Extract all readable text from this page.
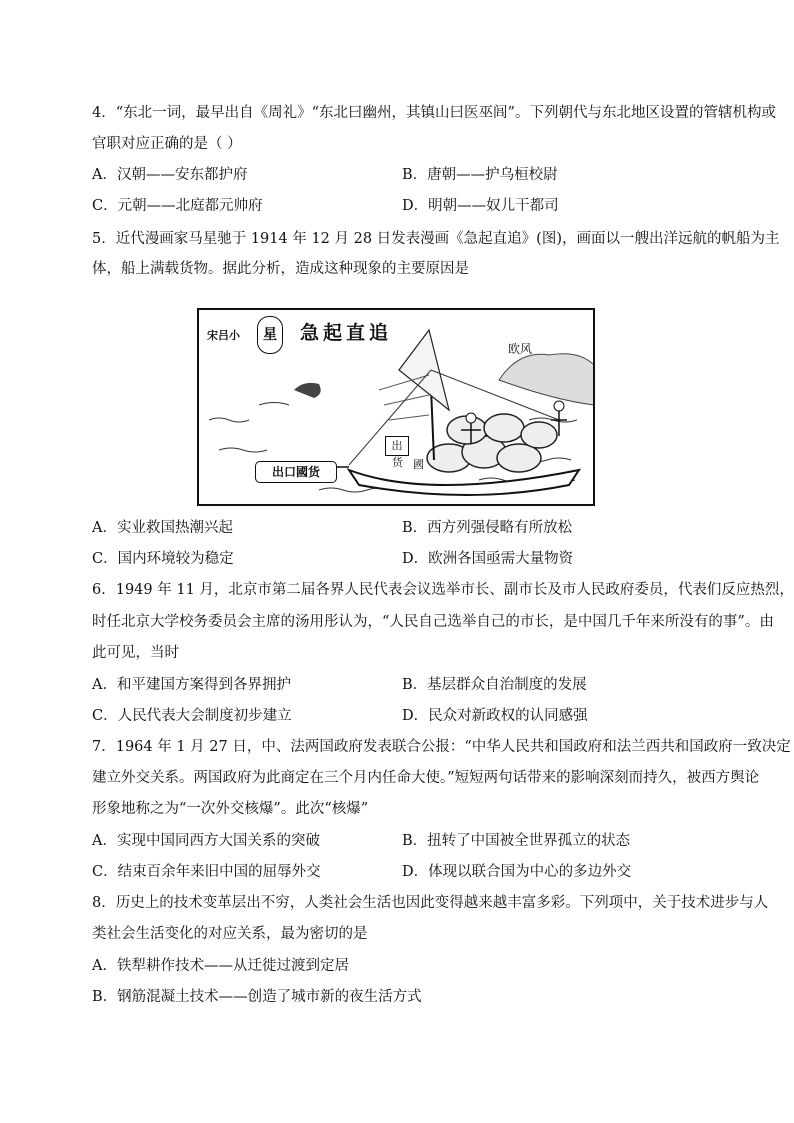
4．“东北一词，最早出自《周礼》“东北曰幽州，其镇山曰医巫闾”。下列朝代与东北地区设置的管辖机构或
官职对应正确的是（ ）
A．汉朝——安东都护府	B．唐朝——护乌桓校尉
C．元朝——北庭都元帅府	D．明朝——奴儿干都司
5．近代漫画家马星驰于 1914 年 12 月 28 日发表漫画《急起直追》(图)，画面以一艘出洋远航的帆船为主
体，船上满载货物。据此分析，造成这种现象的主要原因是
宋吕小	星	急起直追
欧风
出口國货
出
货 國
A．实业救国热潮兴起	B．西方列强侵略有所放松
C．国内环境较为稳定	D．欧洲各国亟需大量物资
6．1949 年 11 月，北京市第二届各界人民代表会议选举市长、副市长及市人民政府委员，代表们反应热烈，
时任北京大学校务委员会主席的汤用彤认为，“人民自己选举自己的市长，是中国几千年来所没有的事”。由
此可见，当时
A．和平建国方案得到各界拥护	B．基层群众自治制度的发展
C．人民代表大会制度初步建立	D．民众对新政权的认同感强
7．1964 年 1 月 27 日，中、法两国政府发表联合公报：“中华人民共和国政府和法兰西共和国政府一致决定
建立外交关系。两国政府为此商定在三个月内任命大使。”短短两句话带来的影响深刻而持久，被西方舆论
形象地称之为“一次外交核爆”。此次“核爆”
A．实现中国同西方大国关系的突破	B．扭转了中国被全世界孤立的状态
C．结束百余年来旧中国的屈辱外交	D．体现以联合国为中心的多边外交
8．历史上的技术变革层出不穷，人类社会生活也因此变得越来越丰富多彩。下列项中，关于技术进步与人
类社会生活变化的对应关系，最为密切的是
A．铁犁耕作技术——从迁徙过渡到定居
B．钢筋混凝土技术——创造了城市新的夜生活方式
